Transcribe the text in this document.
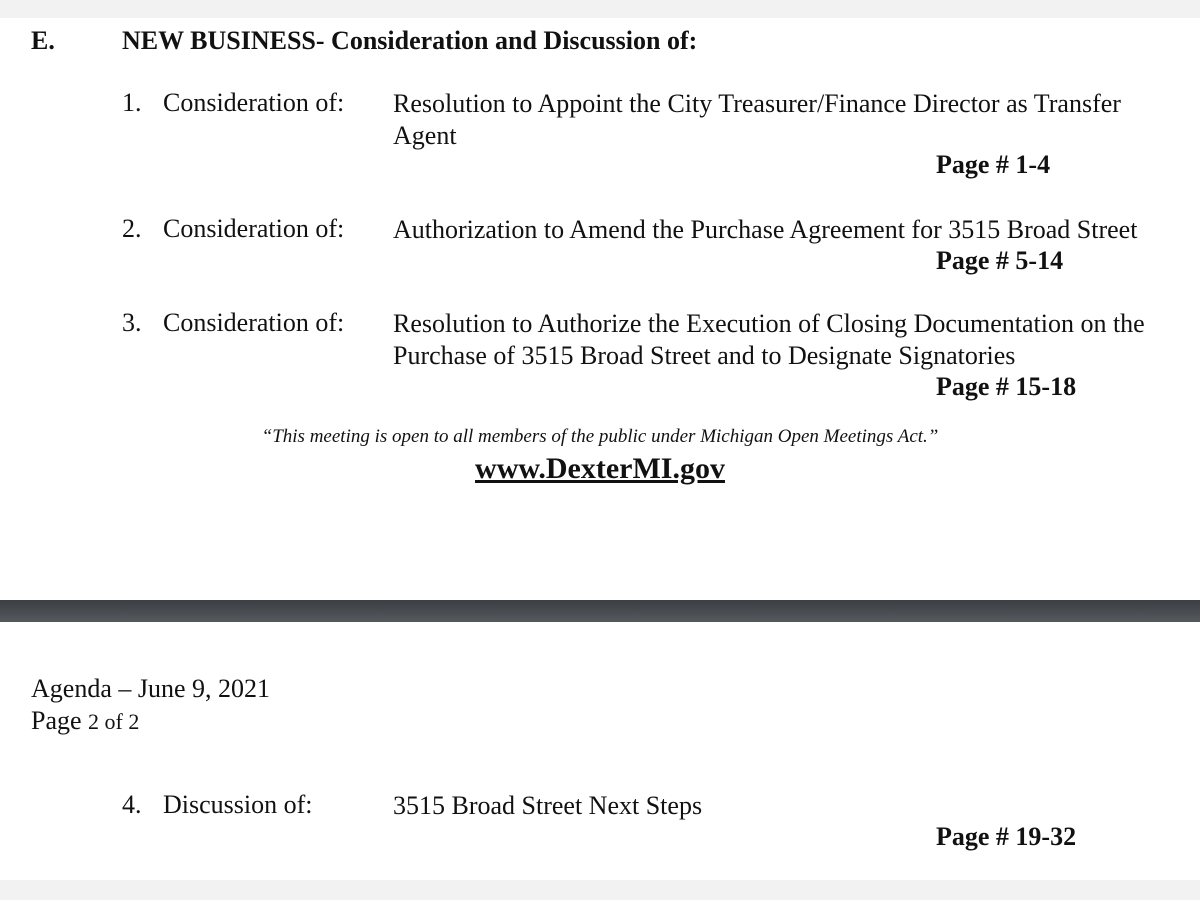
E.	NEW BUSINESS- Consideration and Discussion of:
1. Consideration of: Resolution to Appoint the City Treasurer/Finance Director as Transfer Agent
Page # 1-4
2. Consideration of: Authorization to Amend the Purchase Agreement for 3515 Broad Street
Page # 5-14
3. Consideration of: Resolution to Authorize the Execution of Closing Documentation on the Purchase of 3515 Broad Street and to Designate Signatories
Page # 15-18
“This meeting is open to all members of the public under Michigan Open Meetings Act.”
www.DexterMI.gov
Agenda – June 9, 2021
Page 2 of 2
4. Discussion of:	3515 Broad Street Next Steps
Page # 19-32
